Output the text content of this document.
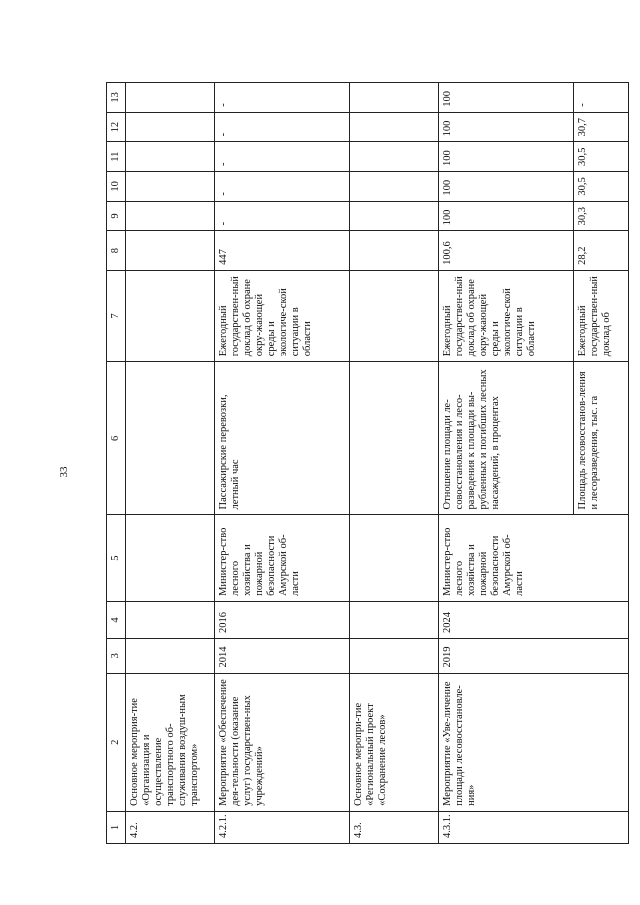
33
1	2	3	4	5	6	7	8	9	10	11	12	13
4.2.	Основное мероприя-тие «Организация и осуществление транспортного об-служивания воздуш-ным транспортом»											
4.2.1.	Мероприятие «Обеспечение дея-тельности (оказание услуг) государствен-ных учреждений»	2014	2016	Министер-ство лесного хозяйства и пожарной безопасности Амурской об-ласти	Пассажирские перевозки, летный час	Ежегодный государствен-ный доклад об охране окру-жающей среды и экологиче-ской ситуации в области	447	-	-	-	-	-
4.3.	Основное меропри-тие «Региональный проект «Сохранение лесов»											
4.3.1.	Мероприятие «Уве-личение площади лесовосстановле-ния»	2019	2024	Министер-ство лесного хозяйства и пожарной безопасности Амурской об-ласти	Отношение площади ле-совосстановления и лесо-разведения к площади вы-рубленных и погибших лесных насаждений, в процентах	Ежегодный государствен-ный доклад об охране окру-жающей среды и экологиче-ской ситуации в области	100,6	100	100	100	100	100
					Площадь лесовосстанов-ления и лесоразведения, тыс. га	Ежегодный государствен-ный доклад об	28,2	30,3	30,5	30,5	30,7	-
